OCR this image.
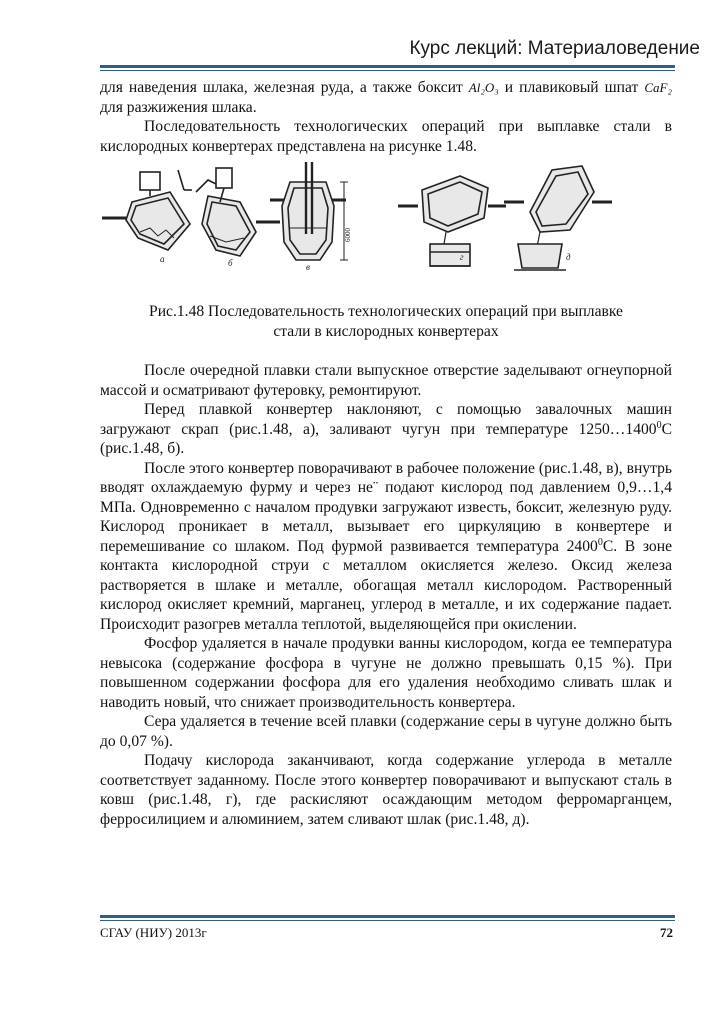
Курс лекций: Материаловедение

для наведения шлака, железная руда, а также боксит Al₂O₃ и плавиковый шпат CaF₂ для разжижения шлака.

Последовательность технологических операций при выплавке стали в кислородных конвертерах представлена на рисунке 1.48.

а	б	в
г	д
6000

Рис.1.48 Последовательность технологических операций при выплавке
стали в кислородных конвертерах

После очередной плавки стали выпускное отверстие заделывают огнеупорной массой и осматривают футеровку, ремонтируют.

Перед плавкой конвертер наклоняют, с помощью завалочных машин загружают скрап (рис.1.48, а), заливают чугун при температуре 1250…1400$^0$С (рис.1.48, б).

После этого конвертер поворачивают в рабочее положение (рис.1.48, в), внутрь вводят охлаждаемую фурму и через не¨ подают кислород под давлением 0,9…1,4 МПа. Одновременно с началом продувки загружают известь, боксит, железную руду. Кислород проникает в металл, вызывает его циркуляцию в конвертере и перемешивание со шлаком. Под фурмой развивается температура 2400$^0$С. В зоне контакта кислородной струи с металлом окисляется железо. Оксид железа растворяется в шлаке и металле, обогащая металл кислородом. Растворенный кислород окисляет кремний, марганец, углерод в металле, и их содержание падает. Происходит разогрев металла теплотой, выделяющейся при окислении.

Фосфор удаляется в начале продувки ванны кислородом, когда ее температура невысока (содержание фосфора в чугуне не должно превышать 0,15 %). При повышенном содержании фосфора для его удаления необходимо сливать шлак и наводить новый, что снижает производительность конвертера.

Сера удаляется в течение всей плавки (содержание серы в чугуне должно быть до 0,07 %).

Подачу кислорода заканчивают, когда содержание углерода в металле соответствует заданному. После этого конвертер поворачивают и выпускают сталь в ковш (рис.1.48, г), где раскисляют осаждающим методом ферромарганцем, ферросилицием и алюминием, затем сливают шлак (рис.1.48, д).

СГАУ (НИУ) 2013г	72
